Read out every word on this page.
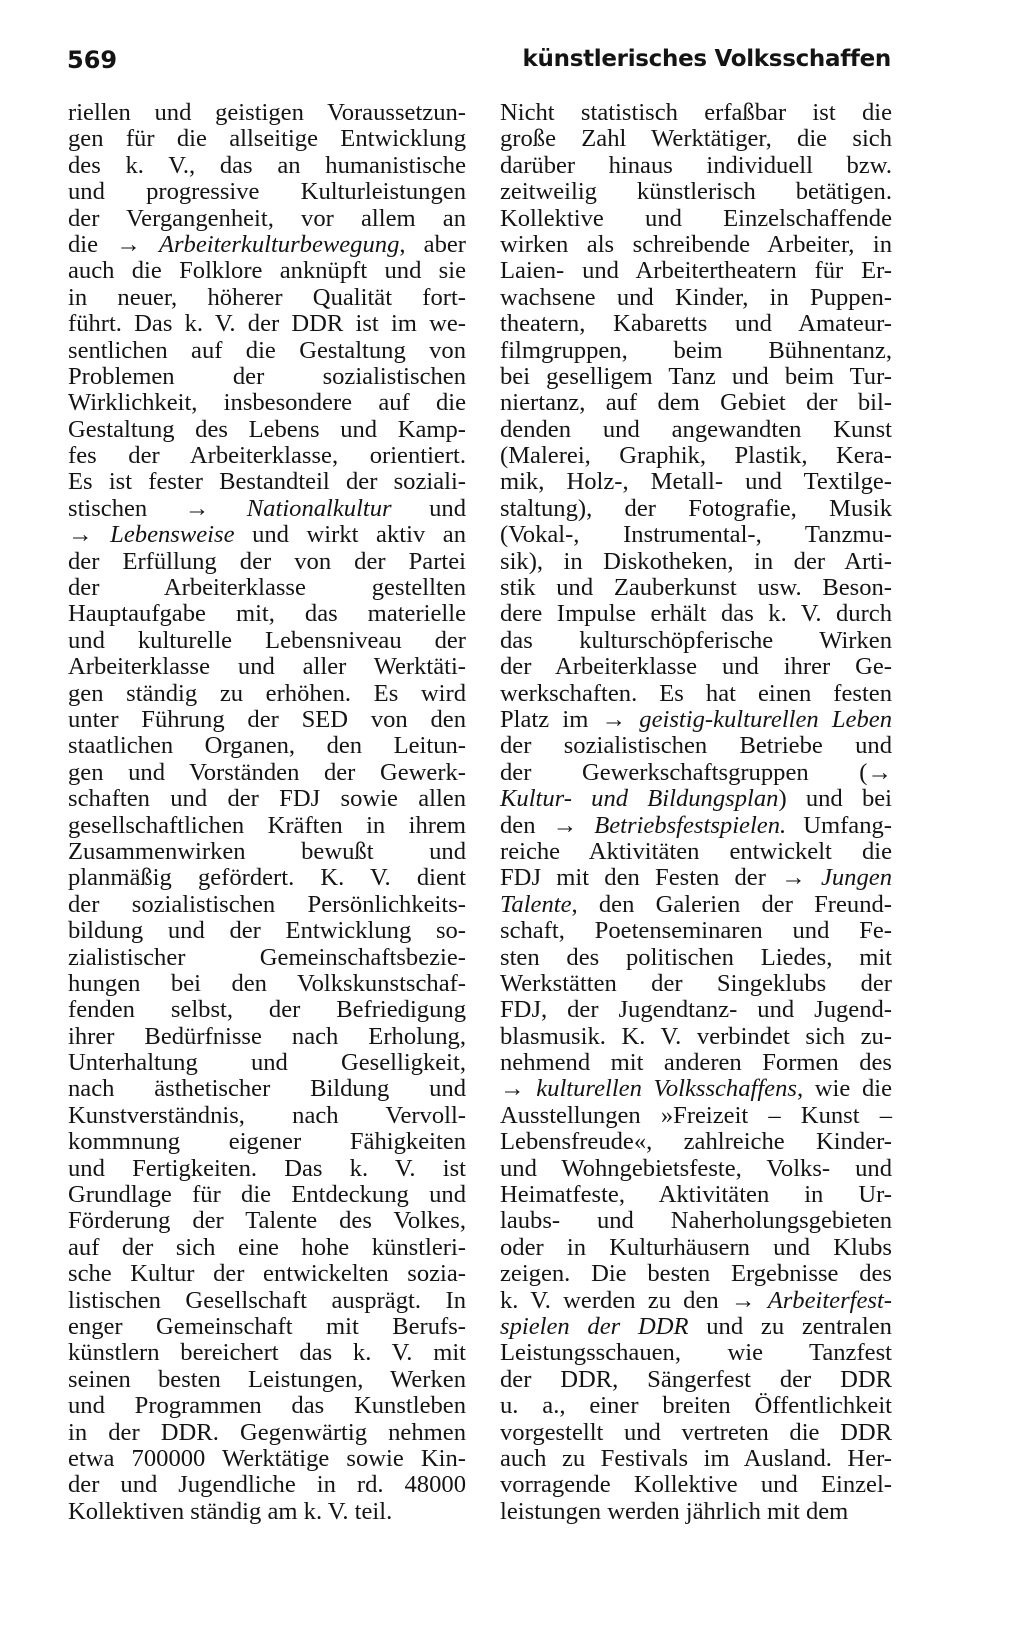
569	künstlerisches Volksschaffen
riellen und geistigen Voraussetzun-
gen für die allseitige Entwicklung
des k. V., das an humanistische
und progressive Kulturleistungen
der Vergangenheit, vor allem an
die → Arbeiterkulturbewegung, aber
auch die Folklore anknüpft und sie
in neuer, höherer Qualität fort-
führt. Das k. V. der DDR ist im we-
sentlichen auf die Gestaltung von
Problemen der sozialistischen
Wirklichkeit, insbesondere auf die
Gestaltung des Lebens und Kamp-
fes der Arbeiterklasse, orientiert.
Es ist fester Bestandteil der soziali-
stischen → Nationalkultur und
→ Lebensweise und wirkt aktiv an
der Erfüllung der von der Partei
der Arbeiterklasse gestellten
Hauptaufgabe mit, das materielle
und kulturelle Lebensniveau der
Arbeiterklasse und aller Werktäti-
gen ständig zu erhöhen. Es wird
unter Führung der SED von den
staatlichen Organen, den Leitun-
gen und Vorständen der Gewerk-
schaften und der FDJ sowie allen
gesellschaftlichen Kräften in ihrem
Zusammenwirken bewußt und
planmäßig gefördert. K. V. dient
der sozialistischen Persönlichkeits-
bildung und der Entwicklung so-
zialistischer Gemeinschaftsbezie-
hungen bei den Volkskunstschaf-
fenden selbst, der Befriedigung
ihrer Bedürfnisse nach Erholung,
Unterhaltung und Geselligkeit,
nach ästhetischer Bildung und
Kunstverständnis, nach Vervoll-
kommnung eigener Fähigkeiten
und Fertigkeiten. Das k. V. ist
Grundlage für die Entdeckung und
Förderung der Talente des Volkes,
auf der sich eine hohe künstleri-
sche Kultur der entwickelten sozia-
listischen Gesellschaft ausprägt. In
enger Gemeinschaft mit Berufs-
künstlern bereichert das k. V. mit
seinen besten Leistungen, Werken
und Programmen das Kunstleben
in der DDR. Gegenwärtig nehmen
etwa 700000 Werktätige sowie Kin-
der und Jugendliche in rd. 48000
Kollektiven ständig am k. V. teil.
Nicht statistisch erfaßbar ist die
große Zahl Werktätiger, die sich
darüber hinaus individuell bzw.
zeitweilig künstlerisch betätigen.
Kollektive und Einzelschaffende
wirken als schreibende Arbeiter, in
Laien- und Arbeitertheatern für Er-
wachsene und Kinder, in Puppen-
theatern, Kabaretts und Amateur-
filmgruppen, beim Bühnentanz,
bei geselligem Tanz und beim Tur-
niertanz, auf dem Gebiet der bil-
denden und angewandten Kunst
(Malerei, Graphik, Plastik, Kera-
mik, Holz-, Metall- und Textilge-
staltung), der Fotografie, Musik
(Vokal-, Instrumental-, Tanzmu-
sik), in Diskotheken, in der Arti-
stik und Zauberkunst usw. Beson-
dere Impulse erhält das k. V. durch
das kulturschöpferische Wirken
der Arbeiterklasse und ihrer Ge-
werkschaften. Es hat einen festen
Platz im → geistig-kulturellen Leben
der sozialistischen Betriebe und
der Gewerkschaftsgruppen (→
Kultur- und Bildungsplan) und bei
den → Betriebsfestspielen. Umfang-
reiche Aktivitäten entwickelt die
FDJ mit den Festen der → Jungen
Talente, den Galerien der Freund-
schaft, Poetenseminaren und Fe-
sten des politischen Liedes, mit
Werkstätten der Singeklubs der
FDJ, der Jugendtanz- und Jugend-
blasmusik. K. V. verbindet sich zu-
nehmend mit anderen Formen des
→ kulturellen Volksschaffens, wie die
Ausstellungen »Freizeit – Kunst –
Lebensfreude«, zahlreiche Kinder-
und Wohngebietsfeste, Volks- und
Heimatfeste, Aktivitäten in Ur-
laubs- und Naherholungsgebieten
oder in Kulturhäusern und Klubs
zeigen. Die besten Ergebnisse des
k. V. werden zu den → Arbeiterfest-
spielen der DDR und zu zentralen
Leistungsschauen, wie Tanzfest
der DDR, Sängerfest der DDR
u. a., einer breiten Öffentlichkeit
vorgestellt und vertreten die DDR
auch zu Festivals im Ausland. Her-
vorragende Kollektive und Einzel-
leistungen werden jährlich mit dem
